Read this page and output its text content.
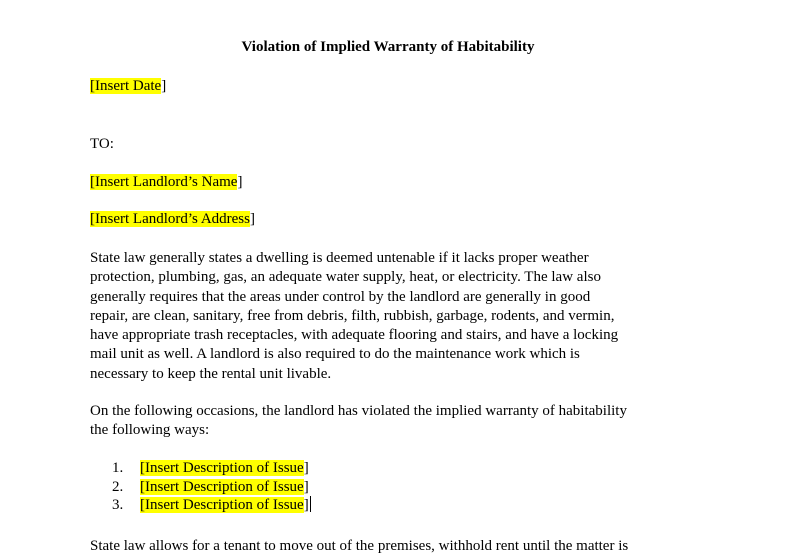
Violation of Implied Warranty of Habitability
[Insert Date]
TO:
[Insert Landlord’s Name]
[Insert Landlord’s Address]
State law generally states a dwelling is deemed untenable if it lacks proper weather
protection, plumbing, gas, an adequate water supply, heat, or electricity. The law also
generally requires that the areas under control by the landlord are generally in good
repair, are clean, sanitary, free from debris, filth, rubbish, garbage, rodents, and vermin,
have appropriate trash receptacles, with adequate flooring and stairs, and have a locking
mail unit as well. A landlord is also required to do the maintenance work which is
necessary to keep the rental unit livable.
On the following occasions, the landlord has violated the implied warranty of habitability
the following ways:
1. [Insert Description of Issue]
2. [Insert Description of Issue]
3. [Insert Description of Issue]
State law allows for a tenant to move out of the premises, withhold rent until the matter is
